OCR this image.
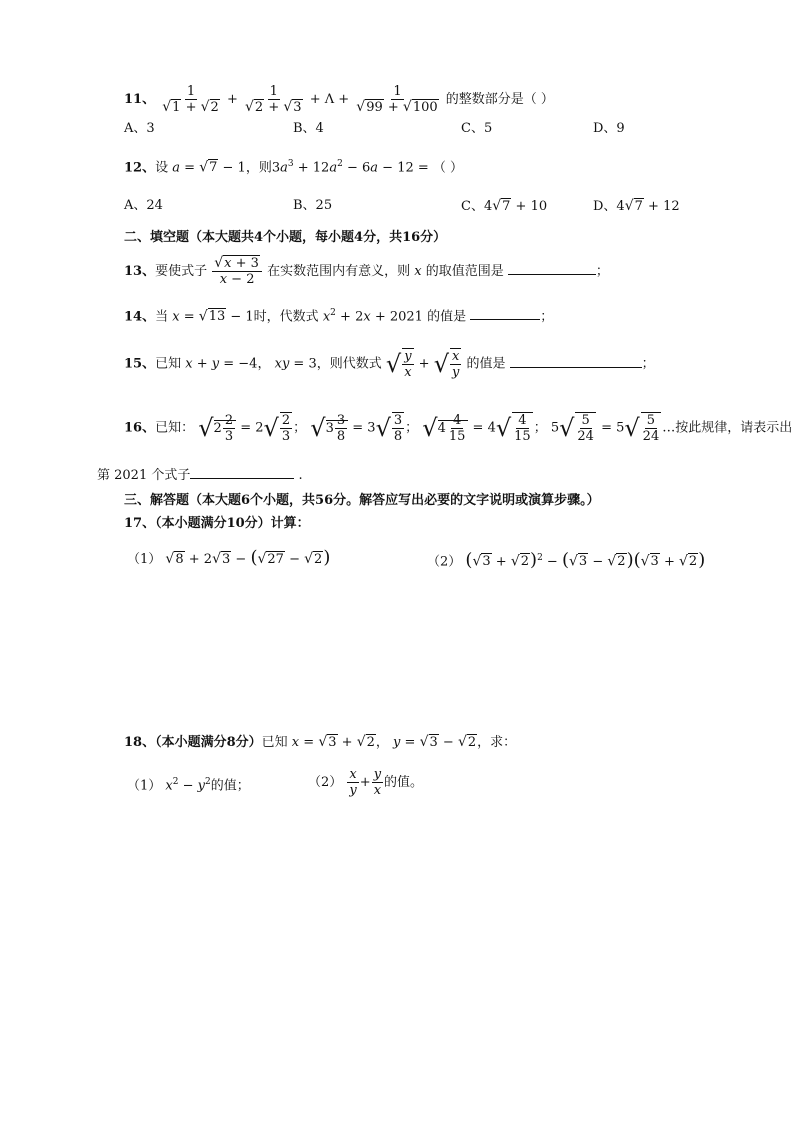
11、 $\frac{1}{√1 + √2} + \frac{1}{√2 + √3} + \Lambda + \frac{1}{√99 + √100}$ 的整数部分是（ ）
A、3	B、4	C、5	D、9
12、设 a = √7 − 1，则$3a^3 + 12a^2 - 6a - 12$ = （ ）
A、24	B、25	C、4√7 + 10	D、4√7 + 12
二、填空题（本大题共4个小题，每小题4分，共16分）
13、要使式子 $\frac{√x + 3}{x - 2}$ 在实数范围内有意义，则 x 的取值范围是	；
14、当 x = √13 − 1时，代数式 $x^2 + 2x + 2021$ 的值是	；
15、已知 x + y = −4， xy = 3，则代数式 √ $\frac{y}{x}$ + √ $\frac{x}{y}$ 的值是	；
16、已知： $√2 \frac{2}{3} = 2√ \frac{2}{3}$ ； $√3 \frac{3}{8} = 3√ \frac{3}{8}$ ； $√4 \frac{4}{15} = 4√ \frac{4}{15}$ ； $5√ \frac{5}{24} = 5√ \frac{5}{24}$ …按此规律，请表示出
第 2021 个式子	.
三、解答题（本大题6个小题，共56分。解答应写出必要的文字说明或演算步骤。）
17、（本小题满分10分）计算：
（1） √8 + 2√3 − (√27 − √2)	（2） $(√3 + √2)^2 - (√3 - √2)(√3 + √2)$
18、（本小题满分8分）已知 x = √3 + √2， y = √3 − √2，求：
（1） $x^2 - y^2$的值；	$(2) \frac{x}{y} + \frac{y}{x}$ 的值。
